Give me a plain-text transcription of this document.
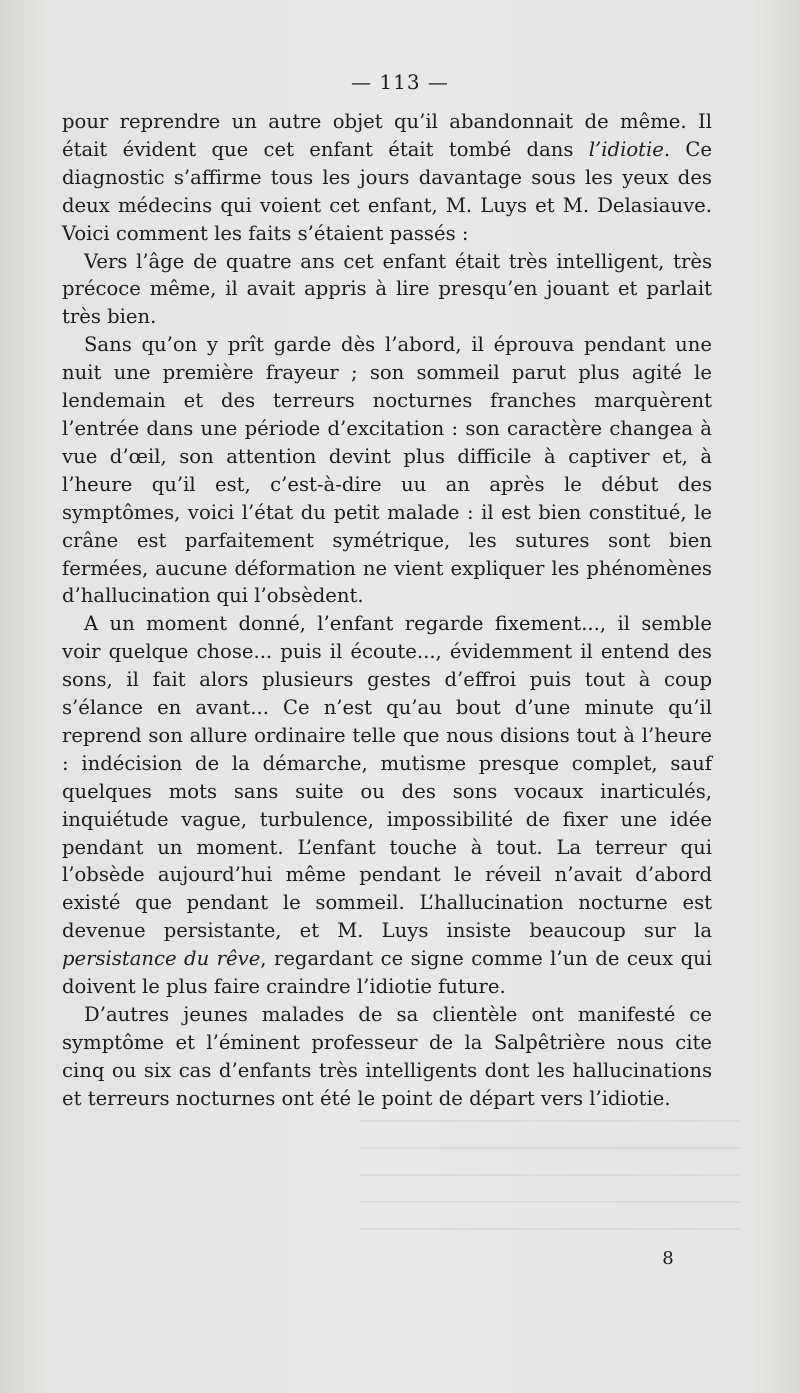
— 113 —

pour reprendre un autre objet qu’il abandonnait de même. Il était évident que cet enfant était tombé dans l’idiotie. Ce diagnostic s’affirme tous les jours davantage sous les yeux des deux médecins qui voient cet enfant, M. Luys et M. Delasiauve. Voici comment les faits s’étaient passés :

Vers l’âge de quatre ans cet enfant était très intelligent, très précoce même, il avait appris à lire presqu’en jouant et parlait très bien.

Sans qu’on y prît garde dès l’abord, il éprouva pendant une nuit une première frayeur ; son sommeil parut plus agité le lendemain et des terreurs nocturnes franches marquèrent l’entrée dans une période d’excitation : son caractère changea à vue d’œil, son attention devint plus difficile à captiver et, à l’heure qu’il est, c’est-à-dire uu an après le début des symptômes, voici l’état du petit malade : il est bien constitué, le crâne est parfaitement symétrique, les sutures sont bien fermées, aucune déformation ne vient expliquer les phénomènes d’hallucination qui l’obsèdent.

A un moment donné, l’enfant regarde fixement..., il semble voir quelque chose... puis il écoute..., évidemment il entend des sons, il fait alors plusieurs gestes d’effroi puis tout à coup s’élance en avant... Ce n’est qu’au bout d’une minute qu’il reprend son allure ordinaire telle que nous disions tout à l’heure : indécision de la démarche, mutisme presque complet, sauf quelques mots sans suite ou des sons vocaux inarticulés, inquiétude vague, turbulence, impossibilité de fixer une idée pendant un moment. L’enfant touche à tout. La terreur qui l’obsède aujourd’hui même pendant le réveil n’avait d’abord existé que pendant le sommeil. L’hallucination nocturne est devenue persistante, et M. Luys insiste beaucoup sur la persistance du rêve, regardant ce signe comme l’un de ceux qui doivent le plus faire craindre l’idiotie future.

D’autres jeunes malades de sa clientèle ont manifesté ce symptôme et l’éminent professeur de la Salpêtrière nous cite cinq ou six cas d’enfants très intelligents dont les hallucinations et terreurs nocturnes ont été le point de départ vers l’idiotie.

8
